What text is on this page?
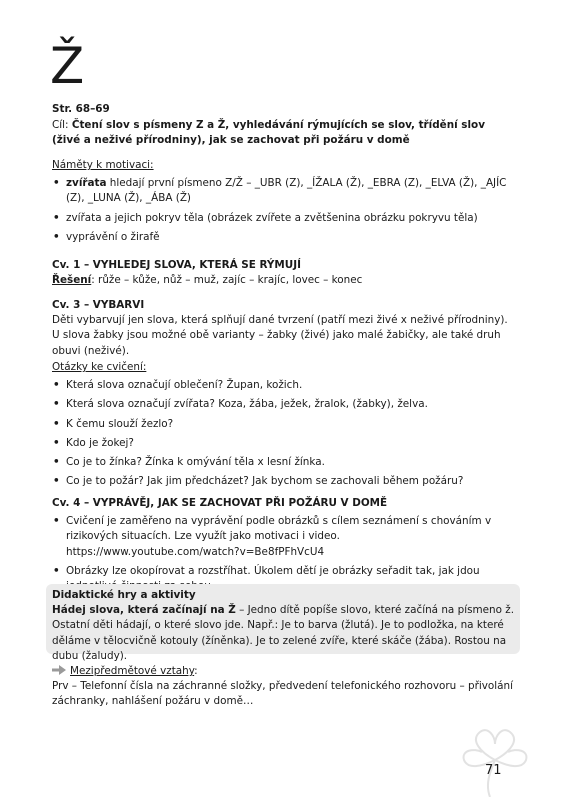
Ž
Str. 68–69
Cíl: Čtení slov s písmeny Z a Ž, vyhledávání rýmujících se slov, třídění slov (živé a neživé přírodniny), jak se zachovat při požáru v domě
Náměty k motivaci:
• zvířata hledají první písmeno Z/Ž – _UBR (Z), _ÍŽALA (Ž), _EBRA (Z), _ELVA (Ž), _AJÍC (Z), _LUNA (Ž), _ÁBA (Ž)
• zvířata a jejich pokryv těla (obrázek zvířete a zvětšenina obrázku pokryvu těla)
• vyprávění o žirafě
Cv. 1 – VYHLEDEJ SLOVA, KTERÁ SE RÝMUJÍ
Řešení: růže – kůže, nůž – muž, zajíc – krajíc, lovec – konec
Cv. 3 – VYBARVI
Děti vybarvují jen slova, která splňují dané tvrzení (patří mezi živé x neživé přírodniny). U slova žabky jsou možné obě varianty – žabky (živé) jako malé žabičky, ale také druh obuvi (neživé).
Otázky ke cvičení:
• Která slova označují oblečení? Župan, kožich.
• Která slova označují zvířata? Koza, žába, ježek, žralok, (žabky), želva.
• K čemu slouží žezlo?
• Kdo je žokej?
• Co je to žínka? Žínka k omývání těla x lesní žínka.
• Co je to požár? Jak jim předcházet? Jak bychom se zachovali během požáru?
Cv. 4 – VYPRÁVĚJ, JAK SE ZACHOVAT PŘI POŽÁRU V DOMĚ
• Cvičení je zaměřeno na vyprávění podle obrázků s cílem seznámení s chováním v rizikových situacích. Lze využít jako motivaci i video. https://www.youtube.com/watch?v=Be8fPFhVcU4
• Obrázky lze okopírovat a rozstříhat. Úkolem dětí je obrázky seřadit tak, jak jdou
Mezipředmětové vztahy:
Prv – Telefonní čísla na záchranné složky, předvedení telefonického rozhovoru – přivolání záchranky, nahlášení požáru v domě…
Didaktické hry a aktivity
Hádej slova, která začínají na Ž – Jedno dítě popíše slovo, které začíná na písmeno ž. Ostatní děti hádají, o které slovo jde. Např.: Je to barva (žlutá). Je to podložka, na které děláme v tělocvičně kotouly (žíněnka). Je to zelené zvíře, které skáče (žába). Rostou na dubu (žaludy).
71
